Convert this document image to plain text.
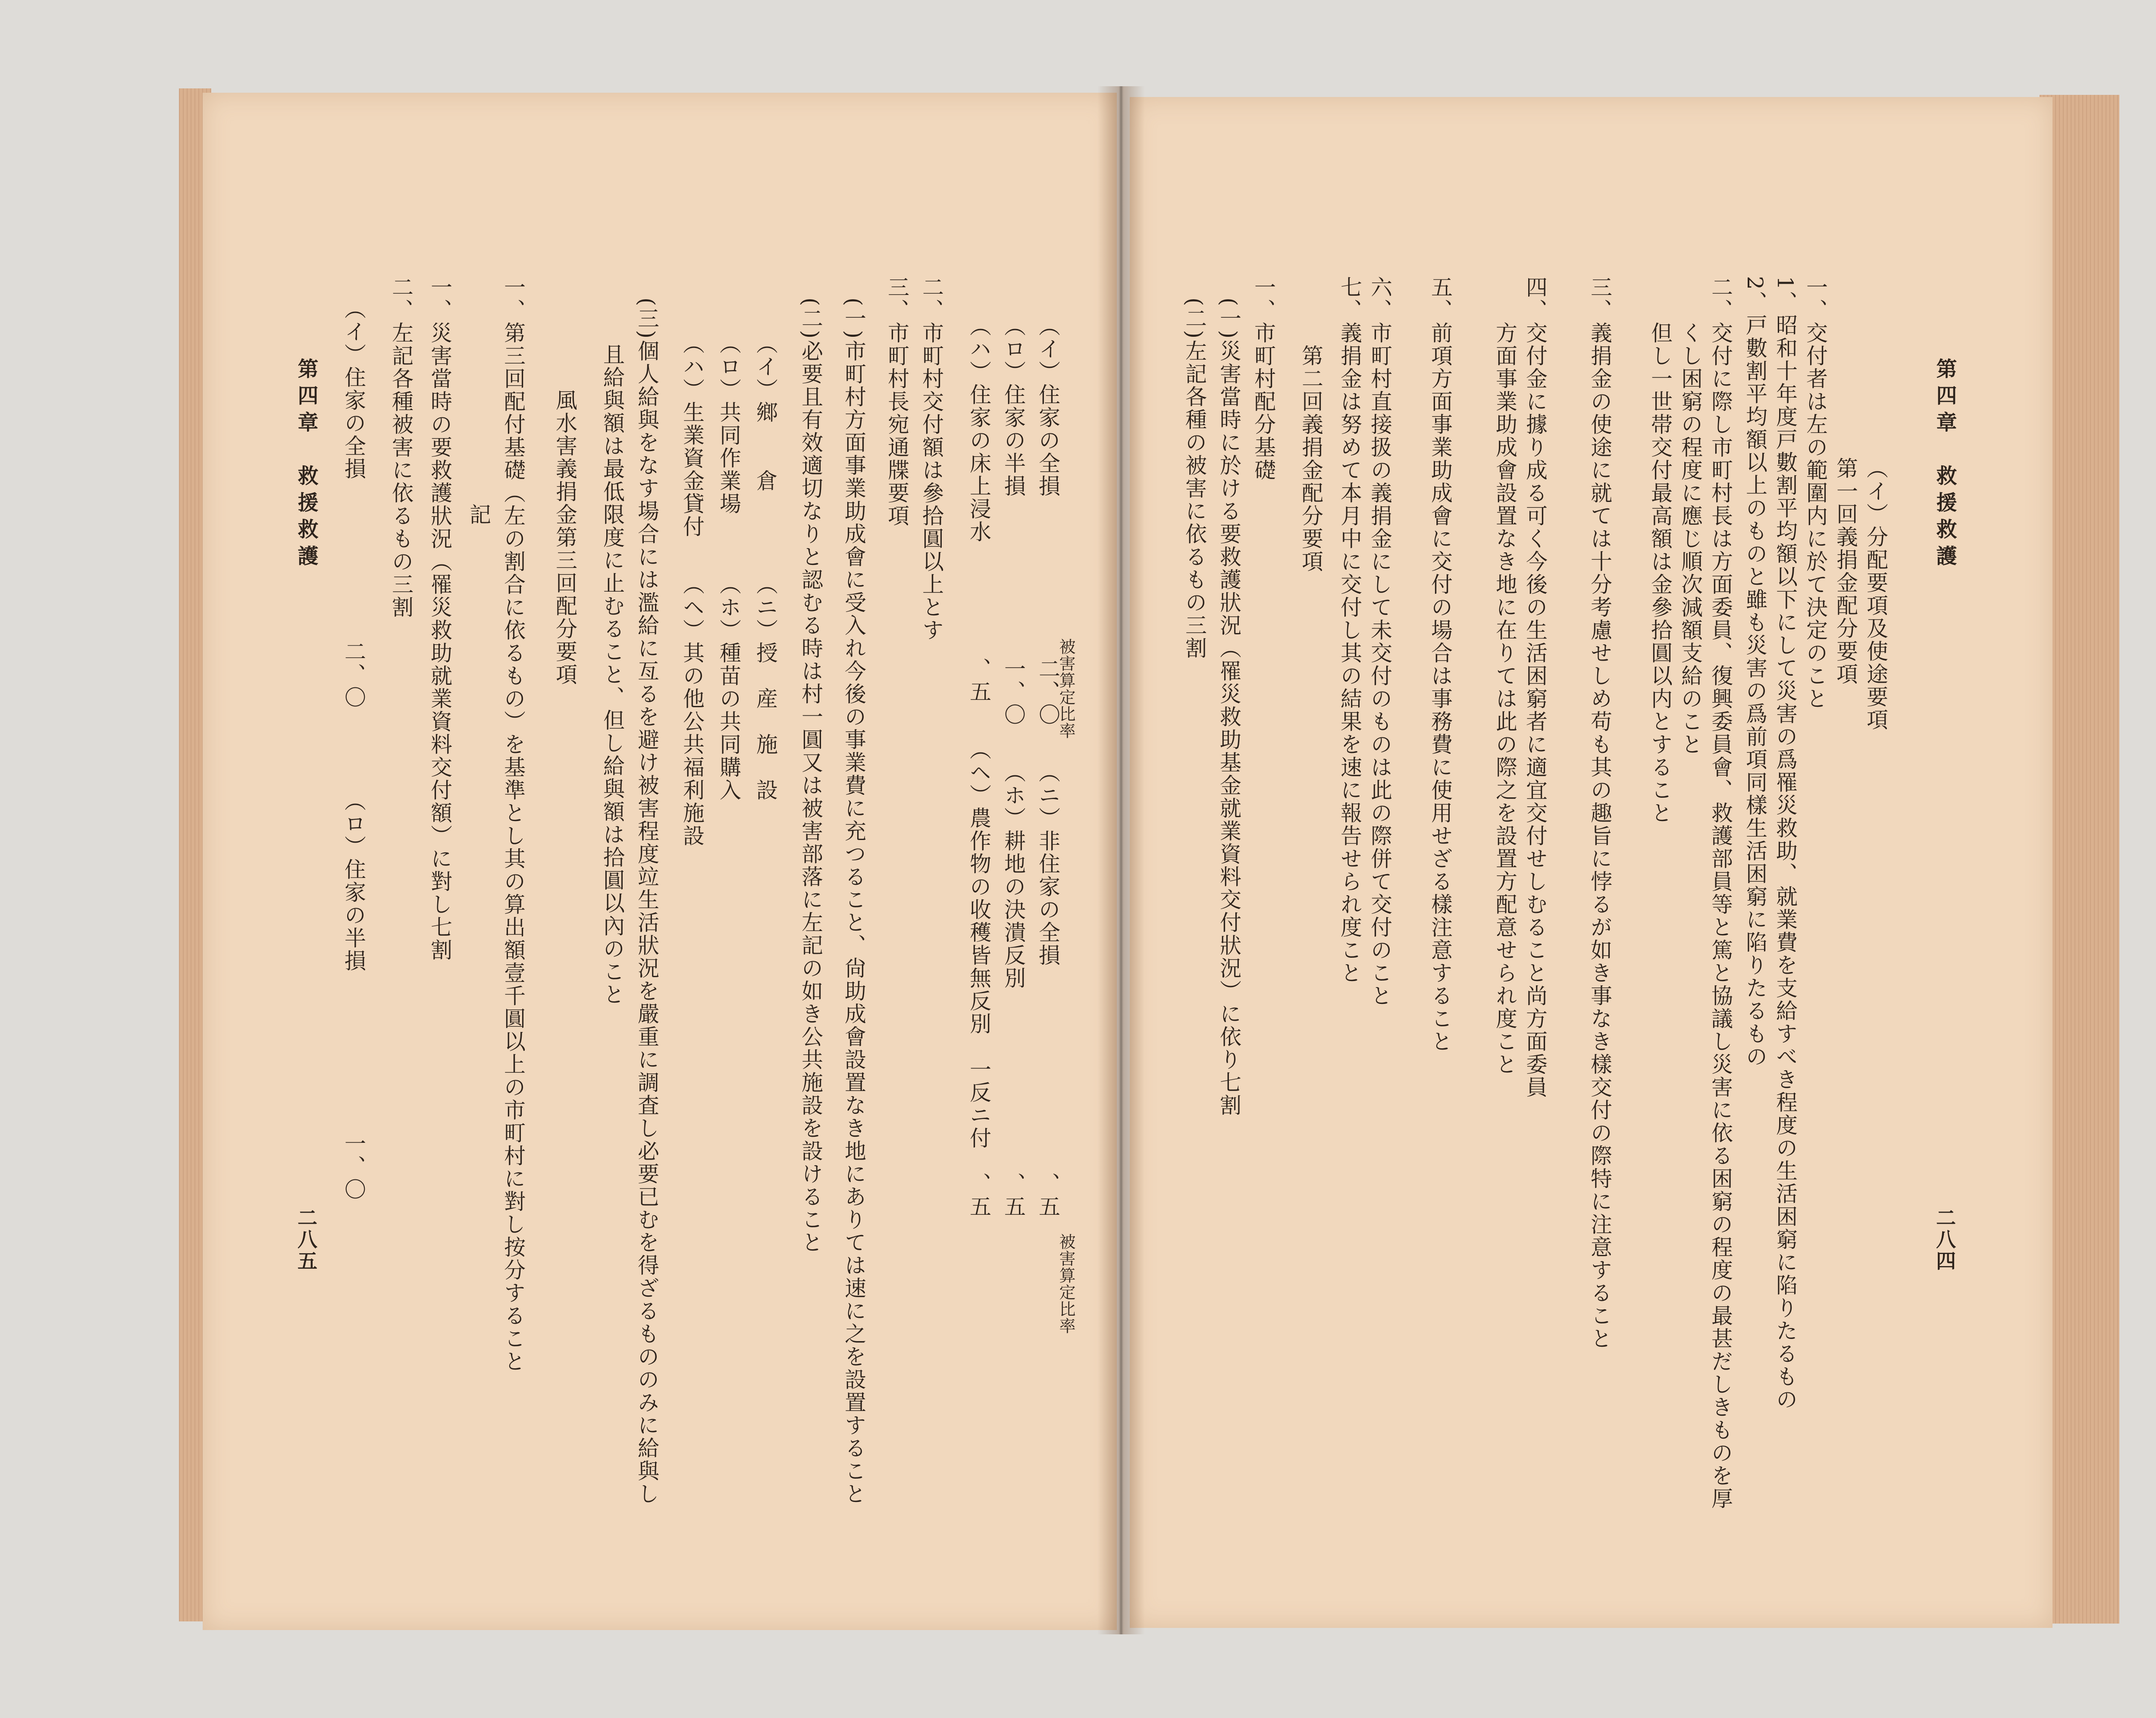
第四章　救援救護
二八四
一、交付者は左の範圍内に於て決定のこと
1、昭和十年度戸數割平均額以下にして災害の爲罹災救助、就業費を支給すべき程度の生活困窮に陷りたるもの
2、戸數割平均額以上のものと雖も災害の爲前項同樣生活困窮に陷りたるもの	（イ）分配要項及使途要項
第一回義捐金配分要項
二、交付に際し市町村長は方面委員、復興委員會、救護部員等と篤と協議し災害に依る困窮の程度の最甚だしきものを厚
　　くし困窮の程度に應じ順次減額支給のこと
　　但し一世帯交付最高額は金參拾圓以内とすること
三、義捐金の使途に就ては十分考慮せしめ苟も其の趣旨に悖るが如き事なき樣交付の際特に注意すること
四、交付金に據り成る可く今後の生活困窮者に適宜交付せしむること尚方面委員
　　方面事業助成會設置なき地に在りては此の際之を設置方配意せられ度こと
五、前項方面事業助成會に交付の場合は事務費に使用せざる樣注意すること
六、市町村直接扱の義捐金にして未交付のものは此の際併て交付のこと
七、義捐金は努めて本月中に交付し其の結果を速に報告せられ度こと
　　　第二回義捐金配分要項
一、市町村配分基礎
(一)災害當時に於ける要救護狀況（罹災救助基金就業資料交付狀況）に依り七割
(二)左記各種の被害に依るもの三割
被害算定比率
被害算定比率
（イ）住家の全損　　　　　　　二、〇　　（ニ）非住家の全損　　　　　　　　　、五
（ロ）住家の半損　　　　　　　一、〇　　（ホ）耕地の決潰反別　　　　　　　　、五
（ハ）住家の床上浸水　　　　　、五　　（ヘ）農作物の收穫皆無反別　一反ニ付　、五
二、市町村交付額は參拾圓以上とす
三、市町村長宛通牒要項
(一)市町村方面事業助成會に受入れ今後の事業費に充つること、尙助成會設置なき地にありては速に之を設置すること
(二)必要且有效適切なりと認むる時は村一圓又は被害部落に左記の如き公共施設を設けること
　　（イ）鄉　　倉　　　　（ニ）授　産　施　設
　　（ロ）共同作業場　　　（ホ）種苗の共同購入
　　（ハ）生業資金貸付　　（ヘ）其の他公共福利施設
(三)個人給與をなす場合には濫給に亙るを避け被害程度竝生活狀況を嚴重に調査し必要已むを得ざるもののみに給與し
　　且給與額は最低限度に止むること、但し給與額は拾圓以內のこと
　　　　風水害義捐金第三回配分要項
　　　　　　　　　記 一、第三回配付基礎（左の割合に依るもの）を基準とし其の算出額壹千圓以上の市町村に對し按分すること
一、災害當時の要救護狀況（罹災救助就業資料交付額）に對し七割
二、左記各種被害に依るもの三割
（イ）住家の全損　　　　　　　二、〇　　　　（ロ）住家の半損　　　　　　　一、〇
第四章　救援救護
二八五
